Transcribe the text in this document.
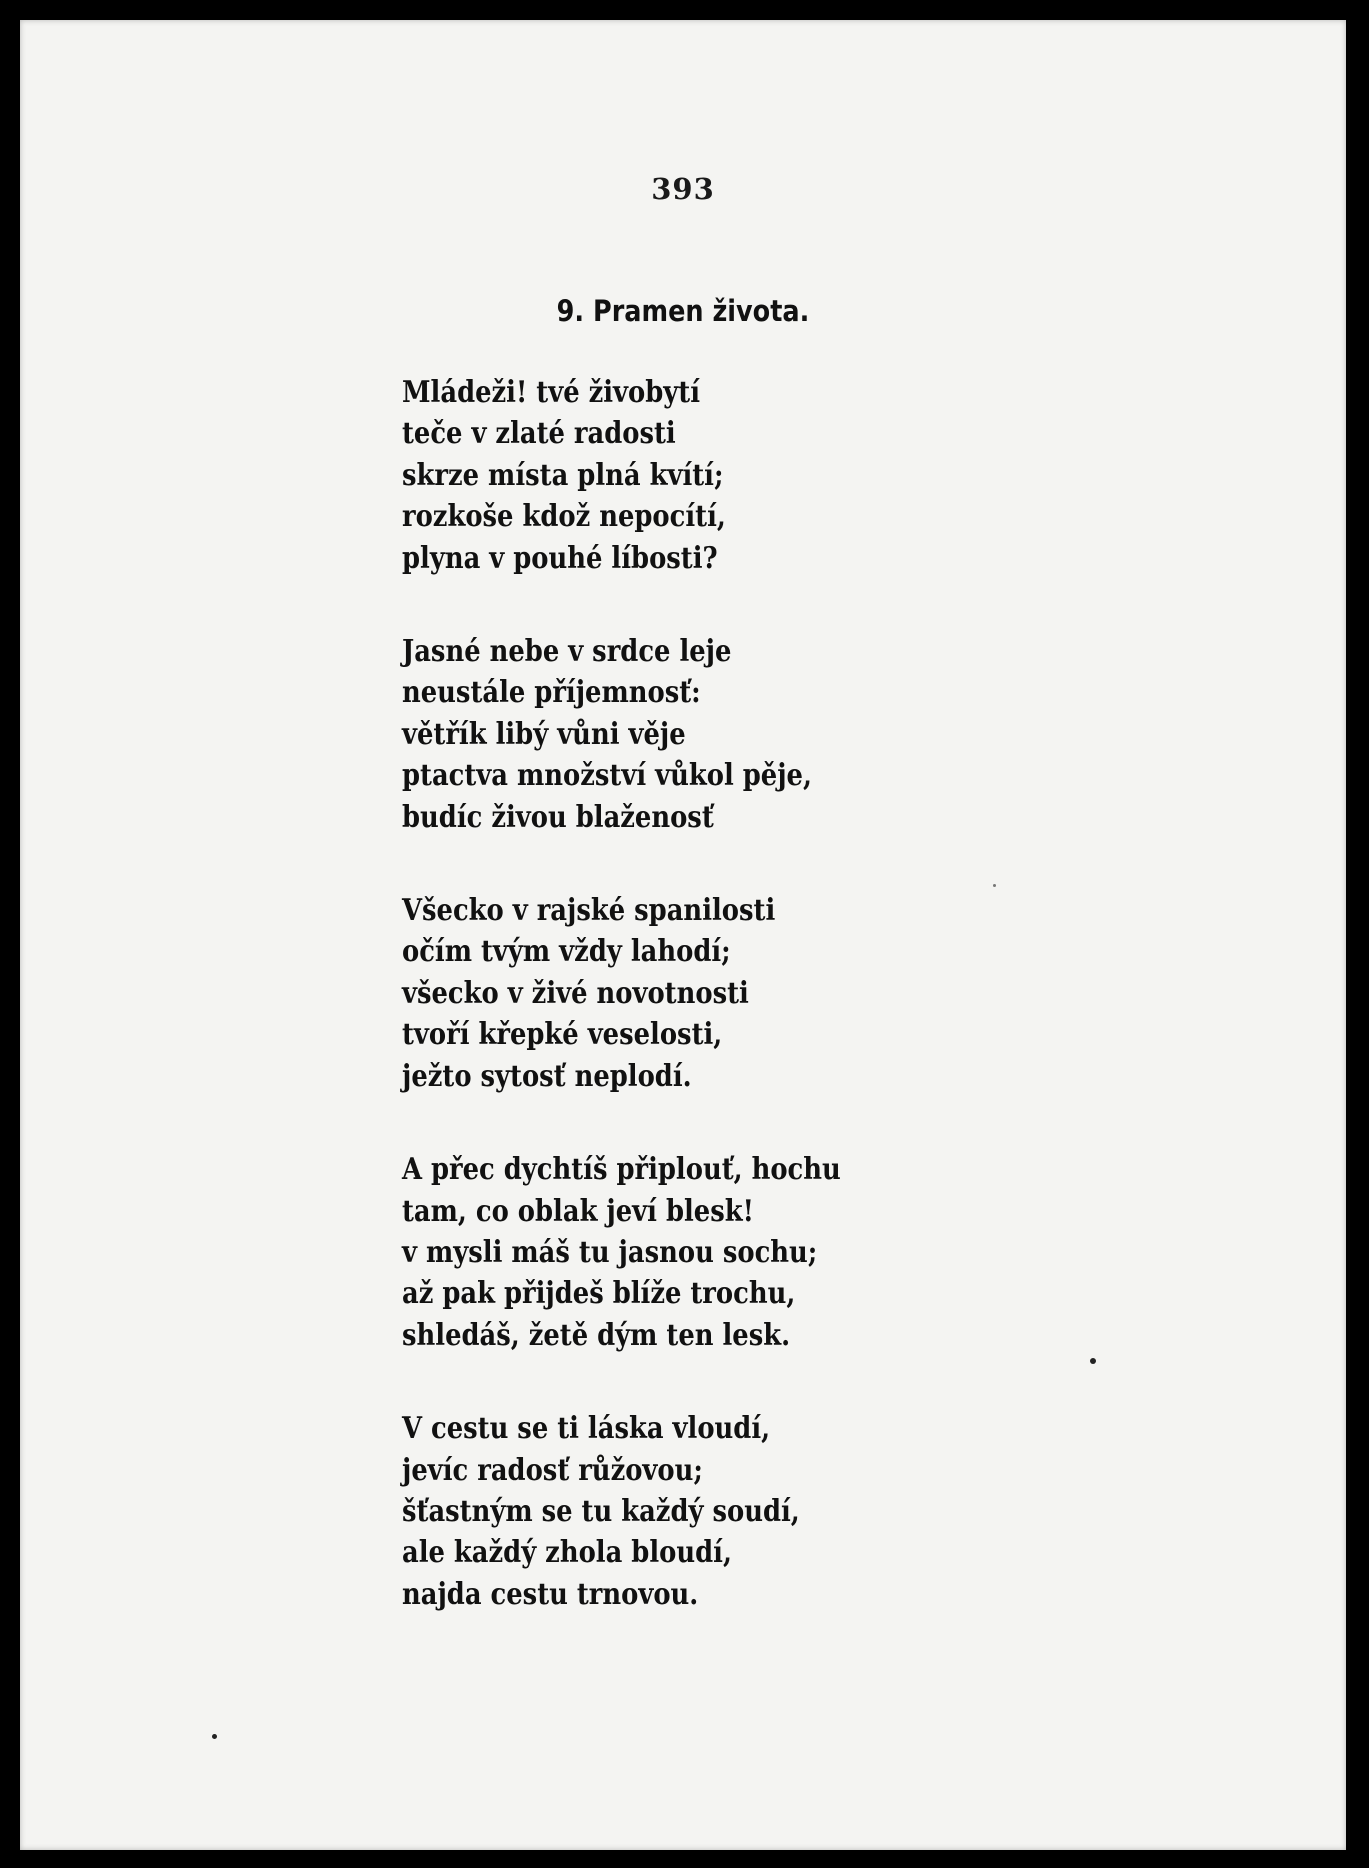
393
9. Pramen života.
Mládeži! tvé živobytí
teče v zlaté radosti
skrze místa plná kvítí;
rozkoše kdož nepocítí,
plyna v pouhé líbosti?
Jasné nebe v srdce leje
neustále příjemnosť:
větřík libý vůni věje
ptactva množství vůkol pěje,
budíc živou blaženosť
Všecko v rajské spanilosti
očím tvým vždy lahodí;
všecko v živé novotnosti
tvoří křepké veselosti,
ježto sytosť neplodí.
A přec dychtíš připlouť, hochu
tam, co oblak jeví blesk!
v mysli máš tu jasnou sochu;
až pak přijdeš blíže trochu,
shledáš, žetě dým ten lesk.
V cestu se ti láska vloudí,
jevíc radosť růžovou;
šťastným se tu každý soudí,
ale každý zhola bloudí,
najda cestu trnovou.
